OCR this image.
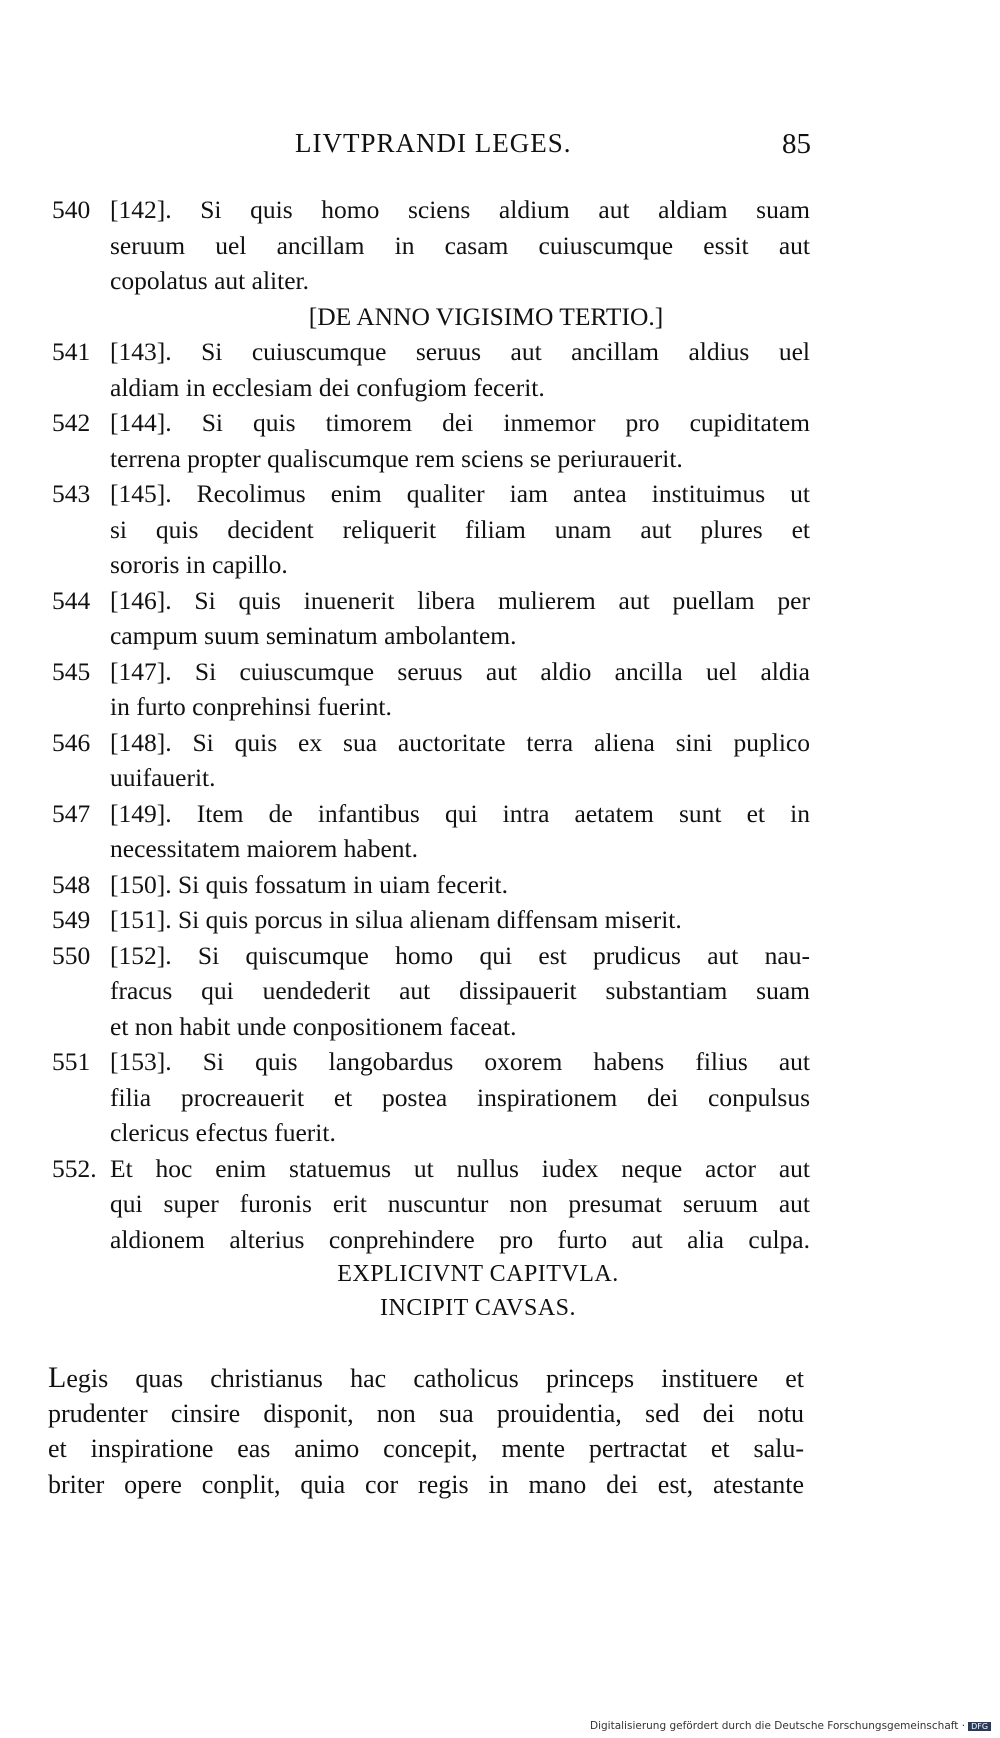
LIVTPRANDI LEGES.	85
540 [142]. Si quis homo sciens aldium aut aldiam suam
seruum uel ancillam in casam cuiuscumque essit aut
copolatus aut aliter.
[DE ANNO VIGISIMO TERTIO.]
541 [143]. Si cuiuscumque seruus aut ancillam aldius uel
aldiam in ecclesiam dei confugiom fecerit.
542 [144]. Si quis timorem dei inmemor pro cupiditatem
terrena propter qualiscumque rem sciens se periurauerit.
543 [145]. Recolimus enim qualiter iam antea instituimus ut
si quis decident reliquerit filiam unam aut plures et
sororis in capillo.
544 [146]. Si quis inuenerit libera mulierem aut puellam per
campum suum seminatum ambolantem.
545 [147]. Si cuiuscumque seruus aut aldio ancilla uel aldia
in furto conprehinsi fuerint.
546 [148]. Si quis ex sua auctoritate terra aliena sini puplico
uuifauerit.
547 [149]. Item de infantibus qui intra aetatem sunt et in
necessitatem maiorem habent.
548 [150]. Si quis fossatum in uiam fecerit.
549 [151]. Si quis porcus in silua alienam diffensam miserit.
550 [152]. Si quiscumque homo qui est prudicus aut nau-
fracus qui uendederit aut dissipauerit substantiam suam
et non habit unde conpositionem faceat.
551 [153]. Si quis langobardus oxorem habens filius aut
filia procreauerit et postea inspirationem dei conpulsus
clericus efectus fuerit.
552. Et hoc enim statuemus ut nullus iudex neque actor aut
qui super furonis erit nuscuntur non presumat seruum aut
aldionem alterius conprehindere pro furto aut alia culpa.
EXPLICIVNT CAPITVLA.
INCIPIT CAVSAS.
Legis quas christianus hac catholicus princeps instituere et
prudenter cinsire disponit, non sua prouidentia, sed dei notu
et inspiratione eas animo concepit, mente pertractat et salu-
briter opere conplit, quia cor regis in mano dei est, atestante
Digitalisierung gefördert durch die Deutsche Forschungsgemeinschaft · DFG
